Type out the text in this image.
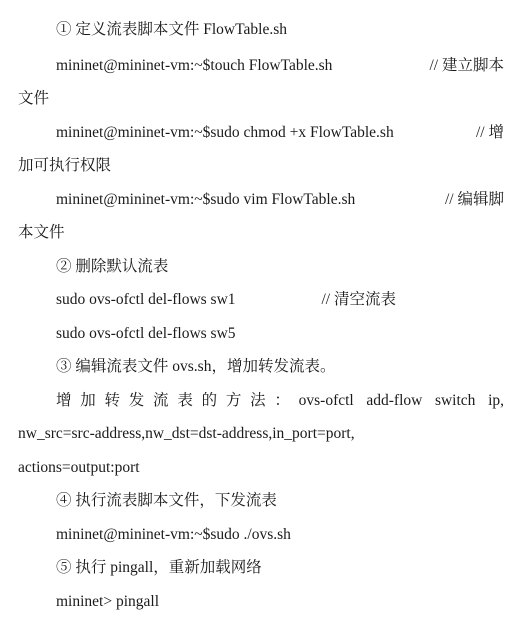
① 定义流表脚本文件 FlowTable.sh
mininet@mininet-vm:~$touch FlowTable.sh	// 建立脚本
文件
mininet@mininet-vm:~$sudo chmod +x FlowTable.sh	// 增
加可执行权限
mininet@mininet-vm:~$sudo vim FlowTable.sh	// 编辑脚
本文件
② 删除默认流表
sudo ovs-ofctl del-flows sw1	// 清空流表
sudo ovs-ofctl del-flows sw5
③ 编辑流表文件 ovs.sh，增加转发流表。
增加转发流表的方法：ovs-ofctl add-flow switch ip,
nw_src=src-address,nw_dst=dst-address,in_port=port,
actions=output:port
④ 执行流表脚本文件，下发流表
mininet@mininet-vm:~$sudo ./ovs.sh
⑤ 执行 pingall，重新加载网络
mininet> pingall
